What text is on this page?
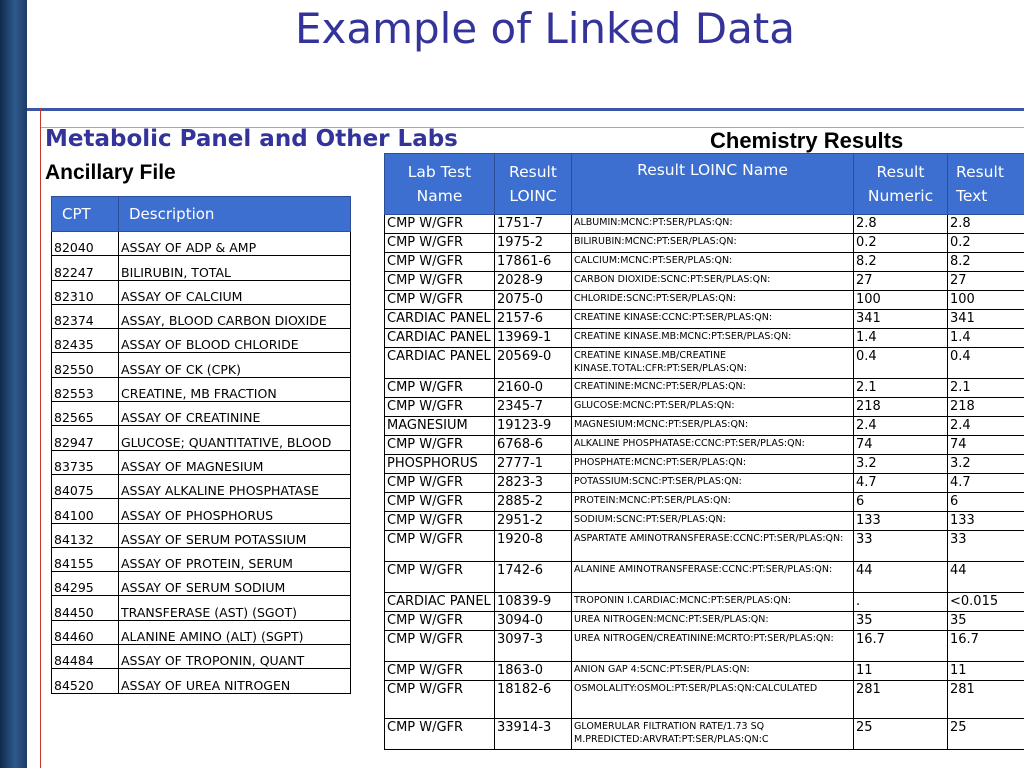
Example of Linked Data
Metabolic Panel and Other Labs	Chemistry Results
Ancillary File
CPT	Description
82040	ASSAY OF ADP & AMP
82247	BILIRUBIN, TOTAL
82310	ASSAY OF CALCIUM
82374	ASSAY, BLOOD CARBON DIOXIDE
82435	ASSAY OF BLOOD CHLORIDE
82550	ASSAY OF CK (CPK)
82553	CREATINE, MB FRACTION
82565	ASSAY OF CREATININE
82947	GLUCOSE; QUANTITATIVE, BLOOD
83735	ASSAY OF MAGNESIUM
84075	ASSAY ALKALINE PHOSPHATASE
84100	ASSAY OF PHOSPHORUS
84132	ASSAY OF SERUM POTASSIUM
84155	ASSAY OF PROTEIN, SERUM
84295	ASSAY OF SERUM SODIUM
84450	TRANSFERASE (AST) (SGOT)
84460	ALANINE AMINO (ALT) (SGPT)
84484	ASSAY OF TROPONIN, QUANT
84520	ASSAY OF UREA NITROGEN
Lab Test Name	Result LOINC	Result LOINC Name	Result Numeric	Result Text
CMP W/GFR	1751-7	ALBUMIN:MCNC:PT:SER/PLAS:QN:	2.8	2.8
CMP W/GFR	1975-2	BILIRUBIN:MCNC:PT:SER/PLAS:QN:	0.2	0.2
CMP W/GFR	17861-6	CALCIUM:MCNC:PT:SER/PLAS:QN:	8.2	8.2
CMP W/GFR	2028-9	CARBON DIOXIDE:SCNC:PT:SER/PLAS:QN:	27	27
CMP W/GFR	2075-0	CHLORIDE:SCNC:PT:SER/PLAS:QN:	100	100
CARDIAC PANEL	2157-6	CREATINE KINASE:CCNC:PT:SER/PLAS:QN:	341	341
CARDIAC PANEL	13969-1	CREATINE KINASE.MB:MCNC:PT:SER/PLAS:QN:	1.4	1.4
CARDIAC PANEL	20569-0	CREATINE KINASE.MB/CREATINE KINASE.TOTAL:CFR:PT:SER/PLAS:QN:	0.4	0.4
CMP W/GFR	2160-0	CREATININE:MCNC:PT:SER/PLAS:QN:	2.1	2.1
CMP W/GFR	2345-7	GLUCOSE:MCNC:PT:SER/PLAS:QN:	218	218
MAGNESIUM	19123-9	MAGNESIUM:MCNC:PT:SER/PLAS:QN:	2.4	2.4
CMP W/GFR	6768-6	ALKALINE PHOSPHATASE:CCNC:PT:SER/PLAS:QN:	74	74
PHOSPHORUS	2777-1	PHOSPHATE:MCNC:PT:SER/PLAS:QN:	3.2	3.2
CMP W/GFR	2823-3	POTASSIUM:SCNC:PT:SER/PLAS:QN:	4.7	4.7
CMP W/GFR	2885-2	PROTEIN:MCNC:PT:SER/PLAS:QN:	6	6
CMP W/GFR	2951-2	SODIUM:SCNC:PT:SER/PLAS:QN:	133	133
CMP W/GFR	1920-8	ASPARTATE AMINOTRANSFERASE:CCNC:PT:SER/PLAS:QN:	33	33
CMP W/GFR	1742-6	ALANINE AMINOTRANSFERASE:CCNC:PT:SER/PLAS:QN:	44	44
CARDIAC PANEL	10839-9	TROPONIN I.CARDIAC:MCNC:PT:SER/PLAS:QN:	.	<0.015
CMP W/GFR	3094-0	UREA NITROGEN:MCNC:PT:SER/PLAS:QN:	35	35
CMP W/GFR	3097-3	UREA NITROGEN/CREATININE:MCRTO:PT:SER/PLAS:QN:	16.7	16.7
CMP W/GFR	1863-0	ANION GAP 4:SCNC:PT:SER/PLAS:QN:	11	11
CMP W/GFR	18182-6	OSMOLALITY:OSMOL:PT:SER/PLAS:QN:CALCULATED	281	281
CMP W/GFR	33914-3	GLOMERULAR FILTRATION RATE/1.73 SQ M.PREDICTED:ARVRAT:PT:SER/PLAS:QN:C	25	25
